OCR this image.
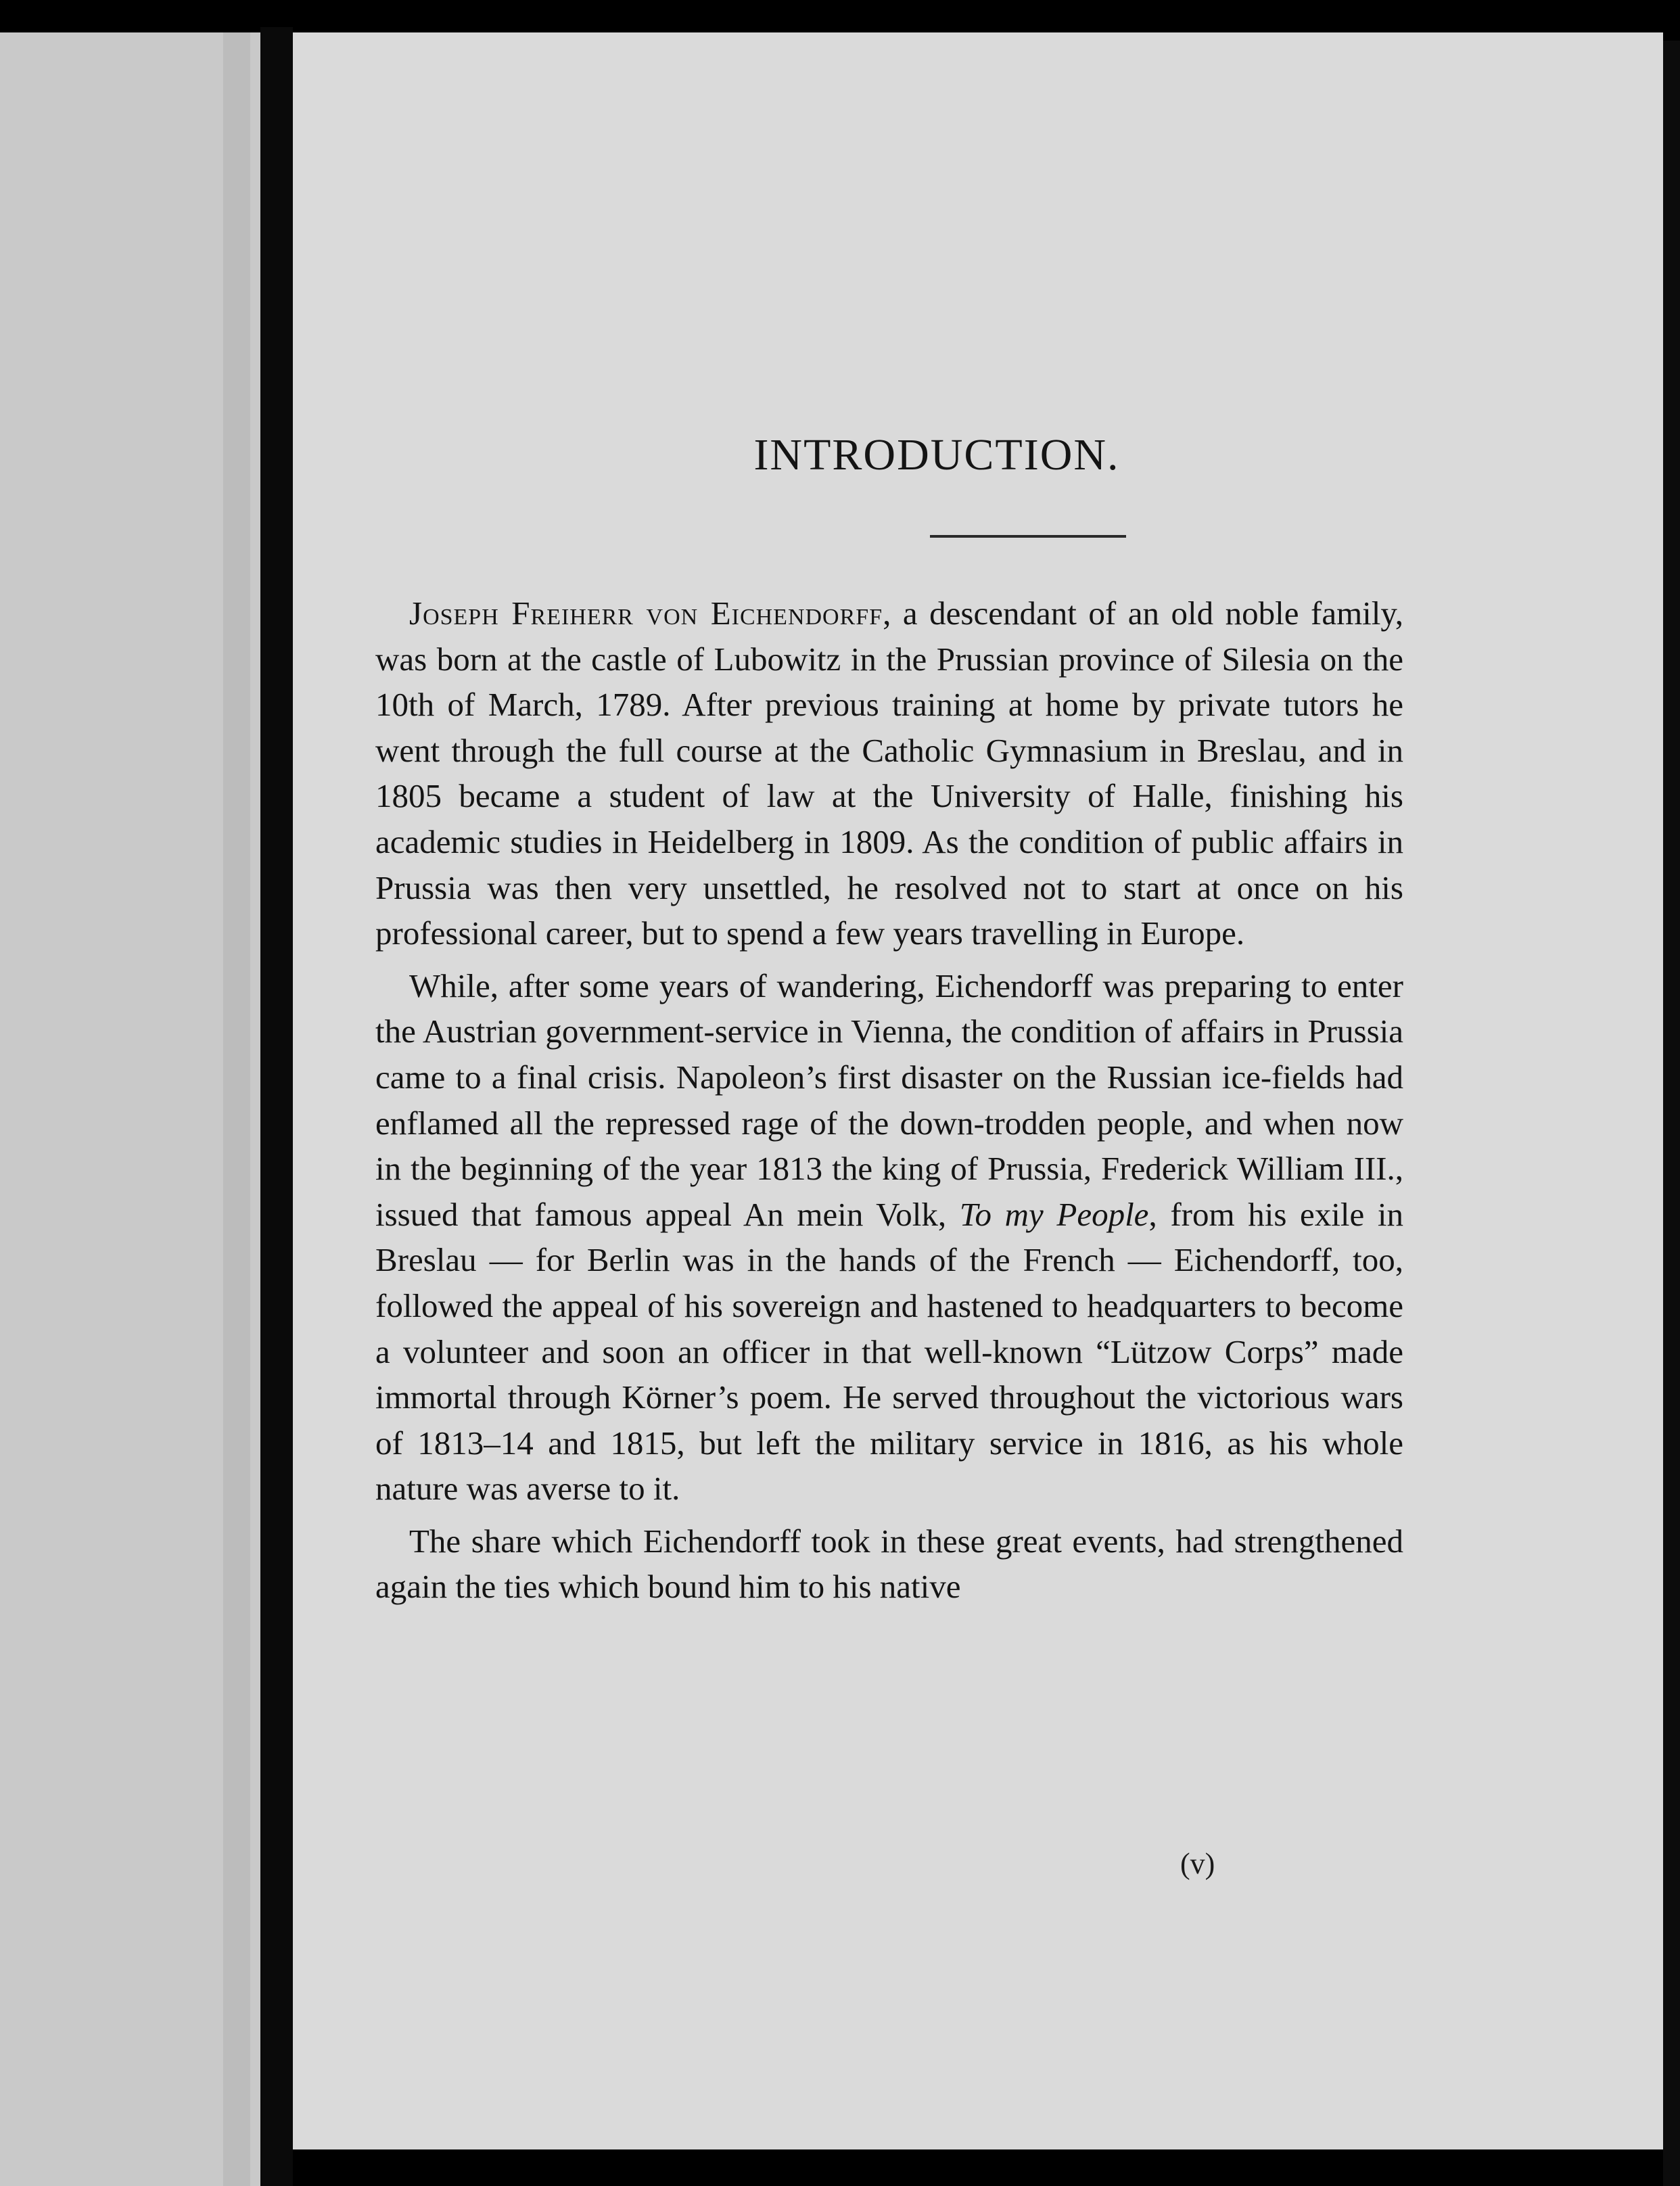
INTRODUCTION.

Joseph Freiherr von Eichendorff, a descendant of an old noble family, was born at the castle of Lubowitz in the Prussian province of Silesia on the 10th of March, 1789. After previous training at home by private tutors he went through the full course at the Catholic Gymnasium in Breslau, and in 1805 became a student of law at the University of Halle, finishing his academic studies in Heidelberg in 1809. As the condition of public affairs in Prussia was then very unsettled, he resolved not to start at once on his professional career, but to spend a few years travelling in Europe.

While, after some years of wandering, Eichendorff was preparing to enter the Austrian government-service in Vienna, the condition of affairs in Prussia came to a final crisis. Napoleon’s first disaster on the Russian ice-fields had enflamed all the repressed rage of the down-trodden people, and when now in the beginning of the year 1813 the king of Prussia, Frederick William III., issued that famous appeal An mein Volk, To my People, from his exile in Breslau — for Berlin was in the hands of the French — Eichendorff, too, followed the appeal of his sovereign and hastened to headquarters to become a volunteer and soon an officer in that well-known “Lützow Corps” made immortal through Körner’s poem. He served throughout the victorious wars of 1813–14 and 1815, but left the military service in 1816, as his whole nature was averse to it.

The share which Eichendorff took in these great events, had strengthened again the ties which bound him to his native

(v)
